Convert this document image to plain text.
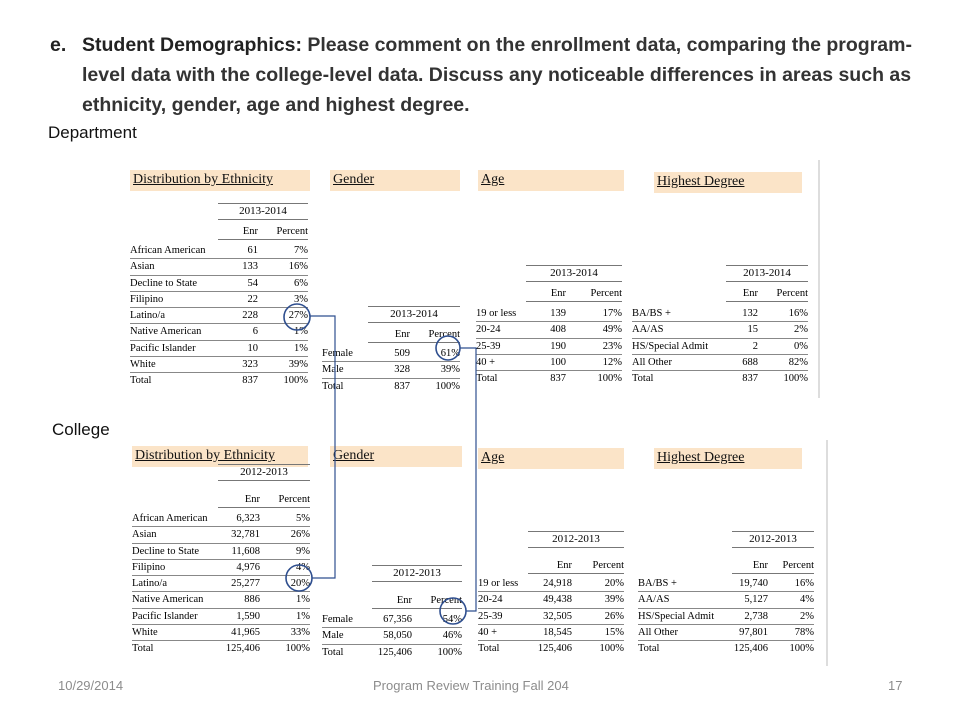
e. Student Demographics: Please comment on the enrollment data, comparing the program-level data with the college-level data. Discuss any noticeable differences in areas such as ethnicity, gender, age and highest degree.
Department
College
Distribution by Ethnicity
2013-2014
Enr	Percent
African American	61	7%
Asian	133	16%
Decline to State	54	6%
Filipino	22	3%
Latino/a	228	27%
Native American	6	1%
Pacific Islander	10	1%
White	323	39%
Total	837	100%
Gender
2013-2014
Enr	Percent
Female	509	61%
Male	328	39%
Total	837	100%
Age
2013-2014
Enr	Percent
19 or less	139	17%
20-24	408	49%
25-39	190	23%
40 +	100	12%
Total	837	100%
Highest Degree
2013-2014
Enr	Percent
BA/BS +	132	16%
AA/AS	15	2%
HS/Special Admit	2	0%
All Other	688	82%
Total	837	100%
Distribution by Ethnicity
2012-2013
Enr	Percent
African American	6,323	5%
Asian	32,781	26%
Decline to State	11,608	9%
Filipino	4,976	4%
Latino/a	25,277	20%
Native American	886	1%
Pacific Islander	1,590	1%
White	41,965	33%
Total	125,406	100%
Gender
2012-2013
Enr	Percent
Female	67,356	54%
Male	58,050	46%
Total	125,406	100%
Age
2012-2013
Enr	Percent
19 or less	24,918	20%
20-24	49,438	39%
25-39	32,505	26%
40 +	18,545	15%
Total	125,406	100%
Highest Degree
2012-2013
Enr	Percent
BA/BS +	19,740	16%
AA/AS	5,127	4%
HS/Special Admit	2,738	2%
All Other	97,801	78%
Total	125,406	100%
10/29/2014	Program Review Training Fall 204	17
